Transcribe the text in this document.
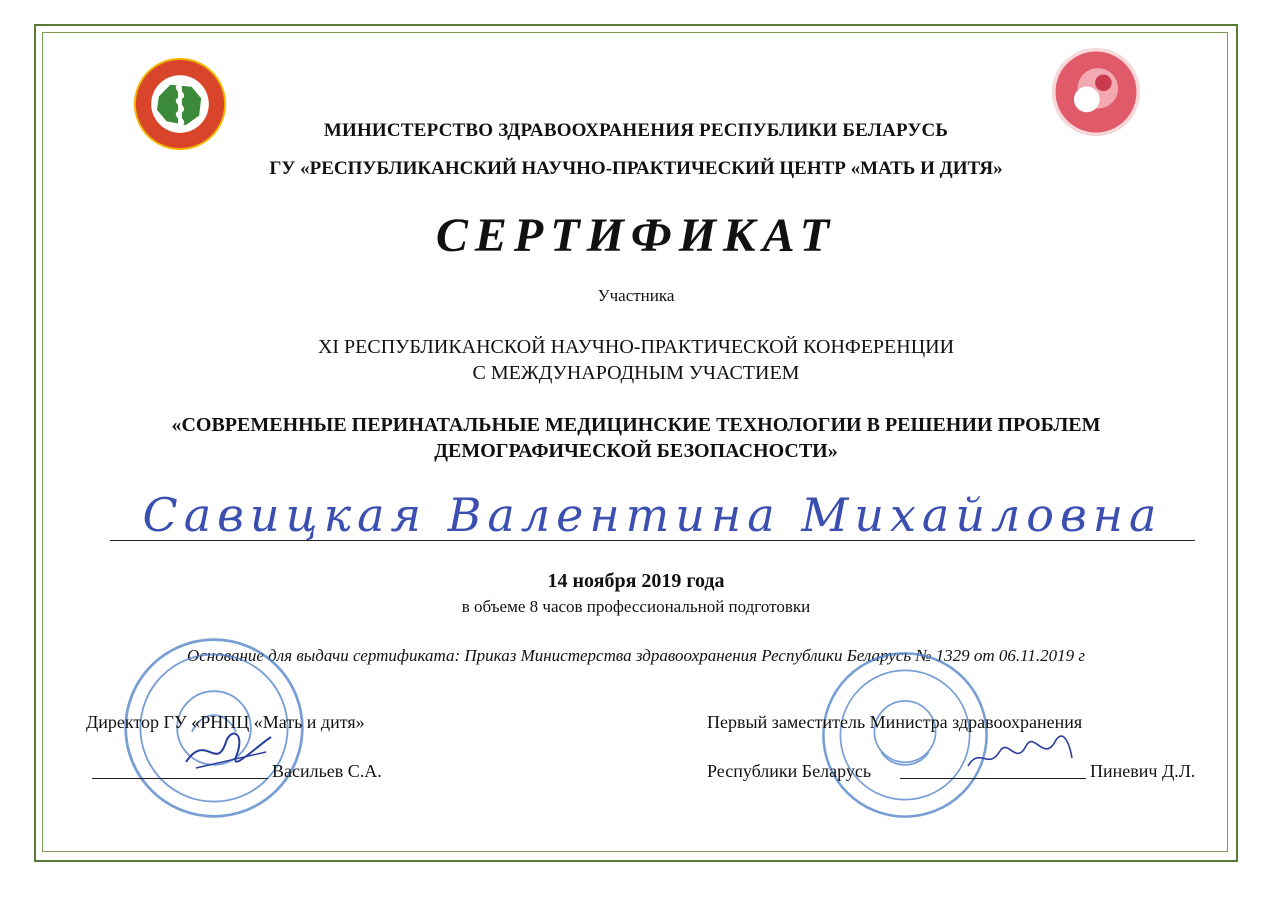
МИНИСТЕРСТВО ЗДРАВООХРАНЕНИЯ РЕСПУБЛИКИ БЕЛАРУСЬ
ГУ «РЕСПУБЛИКАНСКИЙ НАУЧНО-ПРАКТИЧЕСКИЙ ЦЕНТР «МАТЬ И ДИТЯ»
СЕРТИФИКАТ
Участника
XI РЕСПУБЛИКАНСКОЙ НАУЧНО-ПРАКТИЧЕСКОЙ КОНФЕРЕНЦИИ
С МЕЖДУНАРОДНЫМ УЧАСТИЕМ
«СОВРЕМЕННЫЕ ПЕРИНАТАЛЬНЫЕ МЕДИЦИНСКИЕ ТЕХНОЛОГИИ В РЕШЕНИИ ПРОБЛЕМ
ДЕМОГРАФИЧЕСКОЙ БЕЗОПАСНОСТИ»
Савицкая Валентина Михайловна
14 ноября 2019 года
в объеме 8 часов профессиональной подготовки
Основание для выдачи сертификата: Приказ Министерства здравоохранения Республики Беларусь № 1329 от 06.11.2019 г
Директор ГУ «РНПЦ «Мать и дитя»
Васильев С.А.
Первый заместитель Министра здравоохранения
Республики Беларусь	Пиневич Д.Л.
